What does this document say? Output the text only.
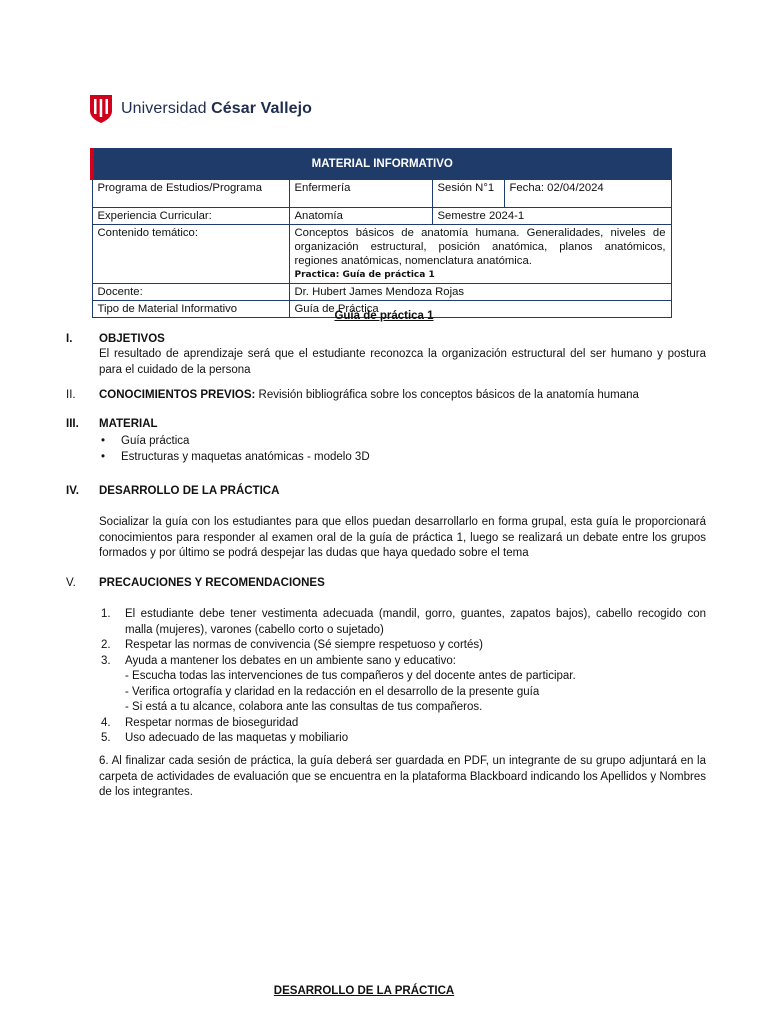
Universidad César Vallejo
MATERIAL INFORMATIVO			
Programa de Estudios/Programa	Enfermería	Sesión N°1	Fecha: 02/04/2024
Experiencia Curricular:	Anatomía	Semestre 2024-1	
Contenido temático:	Conceptos básicos de anatomía humana. Generalidades, niveles de organización estructural, posición anatómica, planos anatómicos, regiones anatómicas, nomenclatura anatómica.
Practica: Guía de práctica 1		

Docente:	Dr. Hubert James Mendoza Rojas		
Tipo de Material Informativo	Guía de Práctica		
Guía de práctica 1
I.	OBJETIVOS
El resultado de aprendizaje será que el estudiante reconozca la organización estructural del ser humano y postura para el cuidado de la persona
II.	CONOCIMIENTOS PREVIOS: Revisión bibliográfica sobre los conceptos básicos de la anatomía humana
III.	MATERIAL
• Guía práctica
• Estructuras y maquetas anatómicas - modelo 3D
IV.	DESARROLLO DE LA PRÁCTICA
Socializar la guía con los estudiantes para que ellos puedan desarrollarlo en forma grupal, esta guía le proporcionará conocimientos para responder al examen oral de la guía de práctica 1, luego se realizará un debate entre los grupos formados y por último se podrá despejar las dudas que haya quedado sobre el tema
V.	PRECAUCIONES Y RECOMENDACIONES
1. El estudiante debe tener vestimenta adecuada (mandil, gorro, guantes, zapatos bajos), cabello recogido con malla (mujeres), varones (cabello corto o sujetado)
2. Respetar las normas de convivencia (Sé siempre respetuoso y cortés)
3. Ayuda a mantener los debates en un ambiente sano y educativo:
- Escucha todas las intervenciones de tus compañeros y del docente antes de participar.
- Verifica ortografía y claridad en la redacción en el desarrollo de la presente guía
- Si está a tu alcance, colabora ante las consultas de tus compañeros.
4. Respetar normas de bioseguridad
5. Uso adecuado de las maquetas y mobiliario
6. Al finalizar cada sesión de práctica, la guía deberá ser guardada en PDF, un integrante de su grupo adjuntará en la carpeta de actividades de evaluación que se encuentra en la plataforma Blackboard indicando los Apellidos y Nombres de los integrantes.
DESARROLLO DE LA PRÁCTICA
